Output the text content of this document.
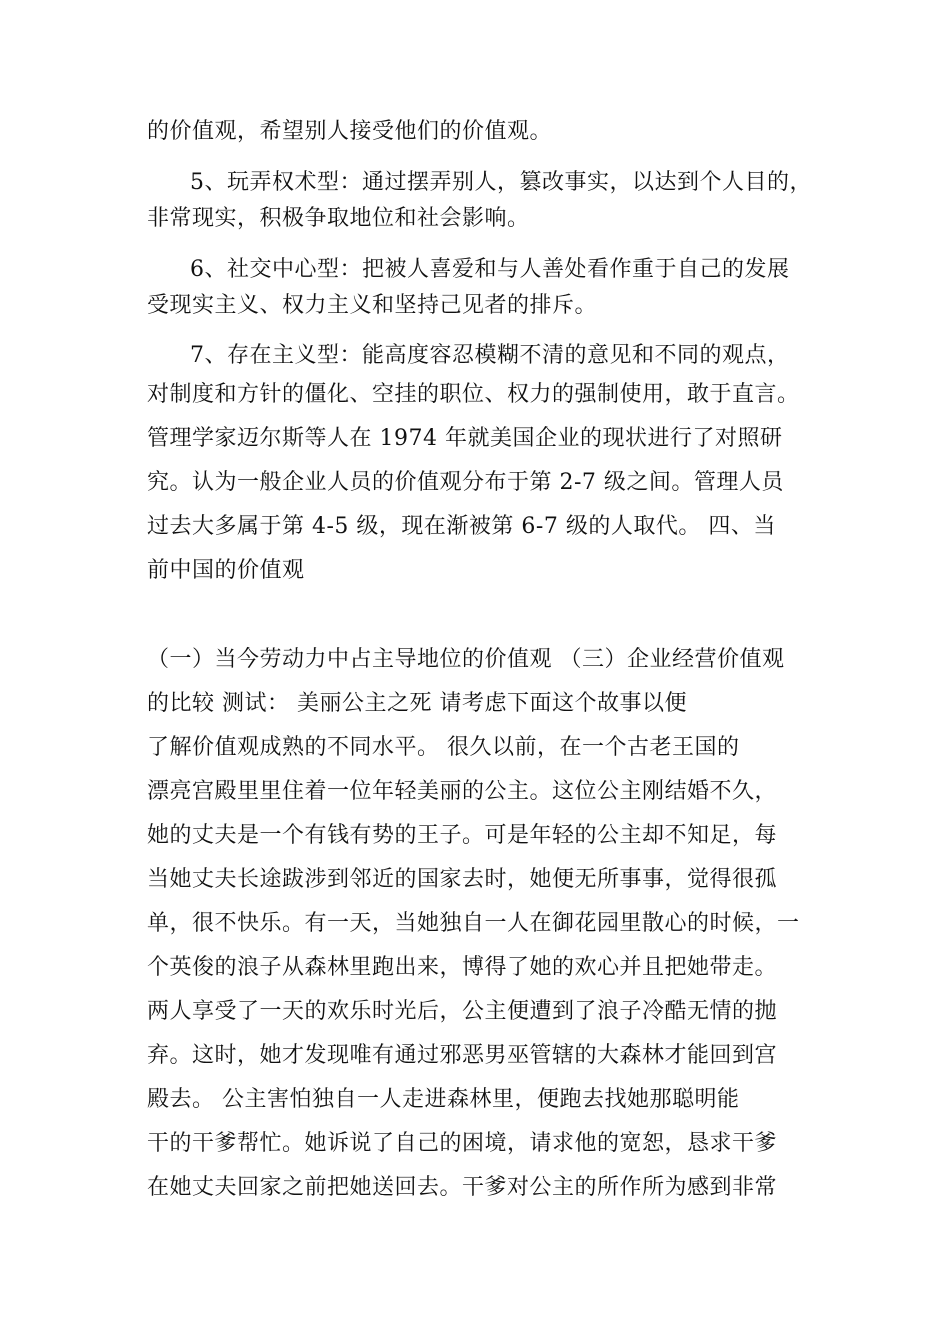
的价值观，希望别人接受他们的价值观。
5、玩弄权术型：通过摆弄别人，篡改事实，以达到个人目的，
非常现实，积极争取地位和社会影响。
6、社交中心型：把被人喜爱和与人善处看作重于自己的发展
受现实主义、权力主义和坚持己见者的排斥。
7、存在主义型：能高度容忍模糊不清的意见和不同的观点，
对制度和方针的僵化、空挂的职位、权力的强制使用，敢于直言。
管理学家迈尔斯等人在 1974 年就美国企业的现状进行了对照研
究。认为一般企业人员的价值观分布于第 2-7 级之间。管理人员
过去大多属于第 4-5 级，现在渐被第 6-7 级的人取代。 四、当
前中国的价值观
（一）当今劳动力中占主导地位的价值观 （三）企业经营价值观
的比较 测试： 美丽公主之死 请考虑下面这个故事以便
了解价值观成熟的不同水平。 很久以前，在一个古老王国的
漂亮宫殿里里住着一位年轻美丽的公主。这位公主刚结婚不久，
她的丈夫是一个有钱有势的王子。可是年轻的公主却不知足，每
当她丈夫长途跋涉到邻近的国家去时，她便无所事事，觉得很孤
单，很不快乐。有一天，当她独自一人在御花园里散心的时候，一
个英俊的浪子从森林里跑出来，博得了她的欢心并且把她带走。
两人享受了一天的欢乐时光后，公主便遭到了浪子冷酷无情的抛
弃。这时，她才发现唯有通过邪恶男巫管辖的大森林才能回到宫
殿去。 公主害怕独自一人走进森林里，便跑去找她那聪明能
干的干爹帮忙。她诉说了自己的困境，请求他的宽恕，恳求干爹
在她丈夫回家之前把她送回去。干爹对公主的所作所为感到非常
